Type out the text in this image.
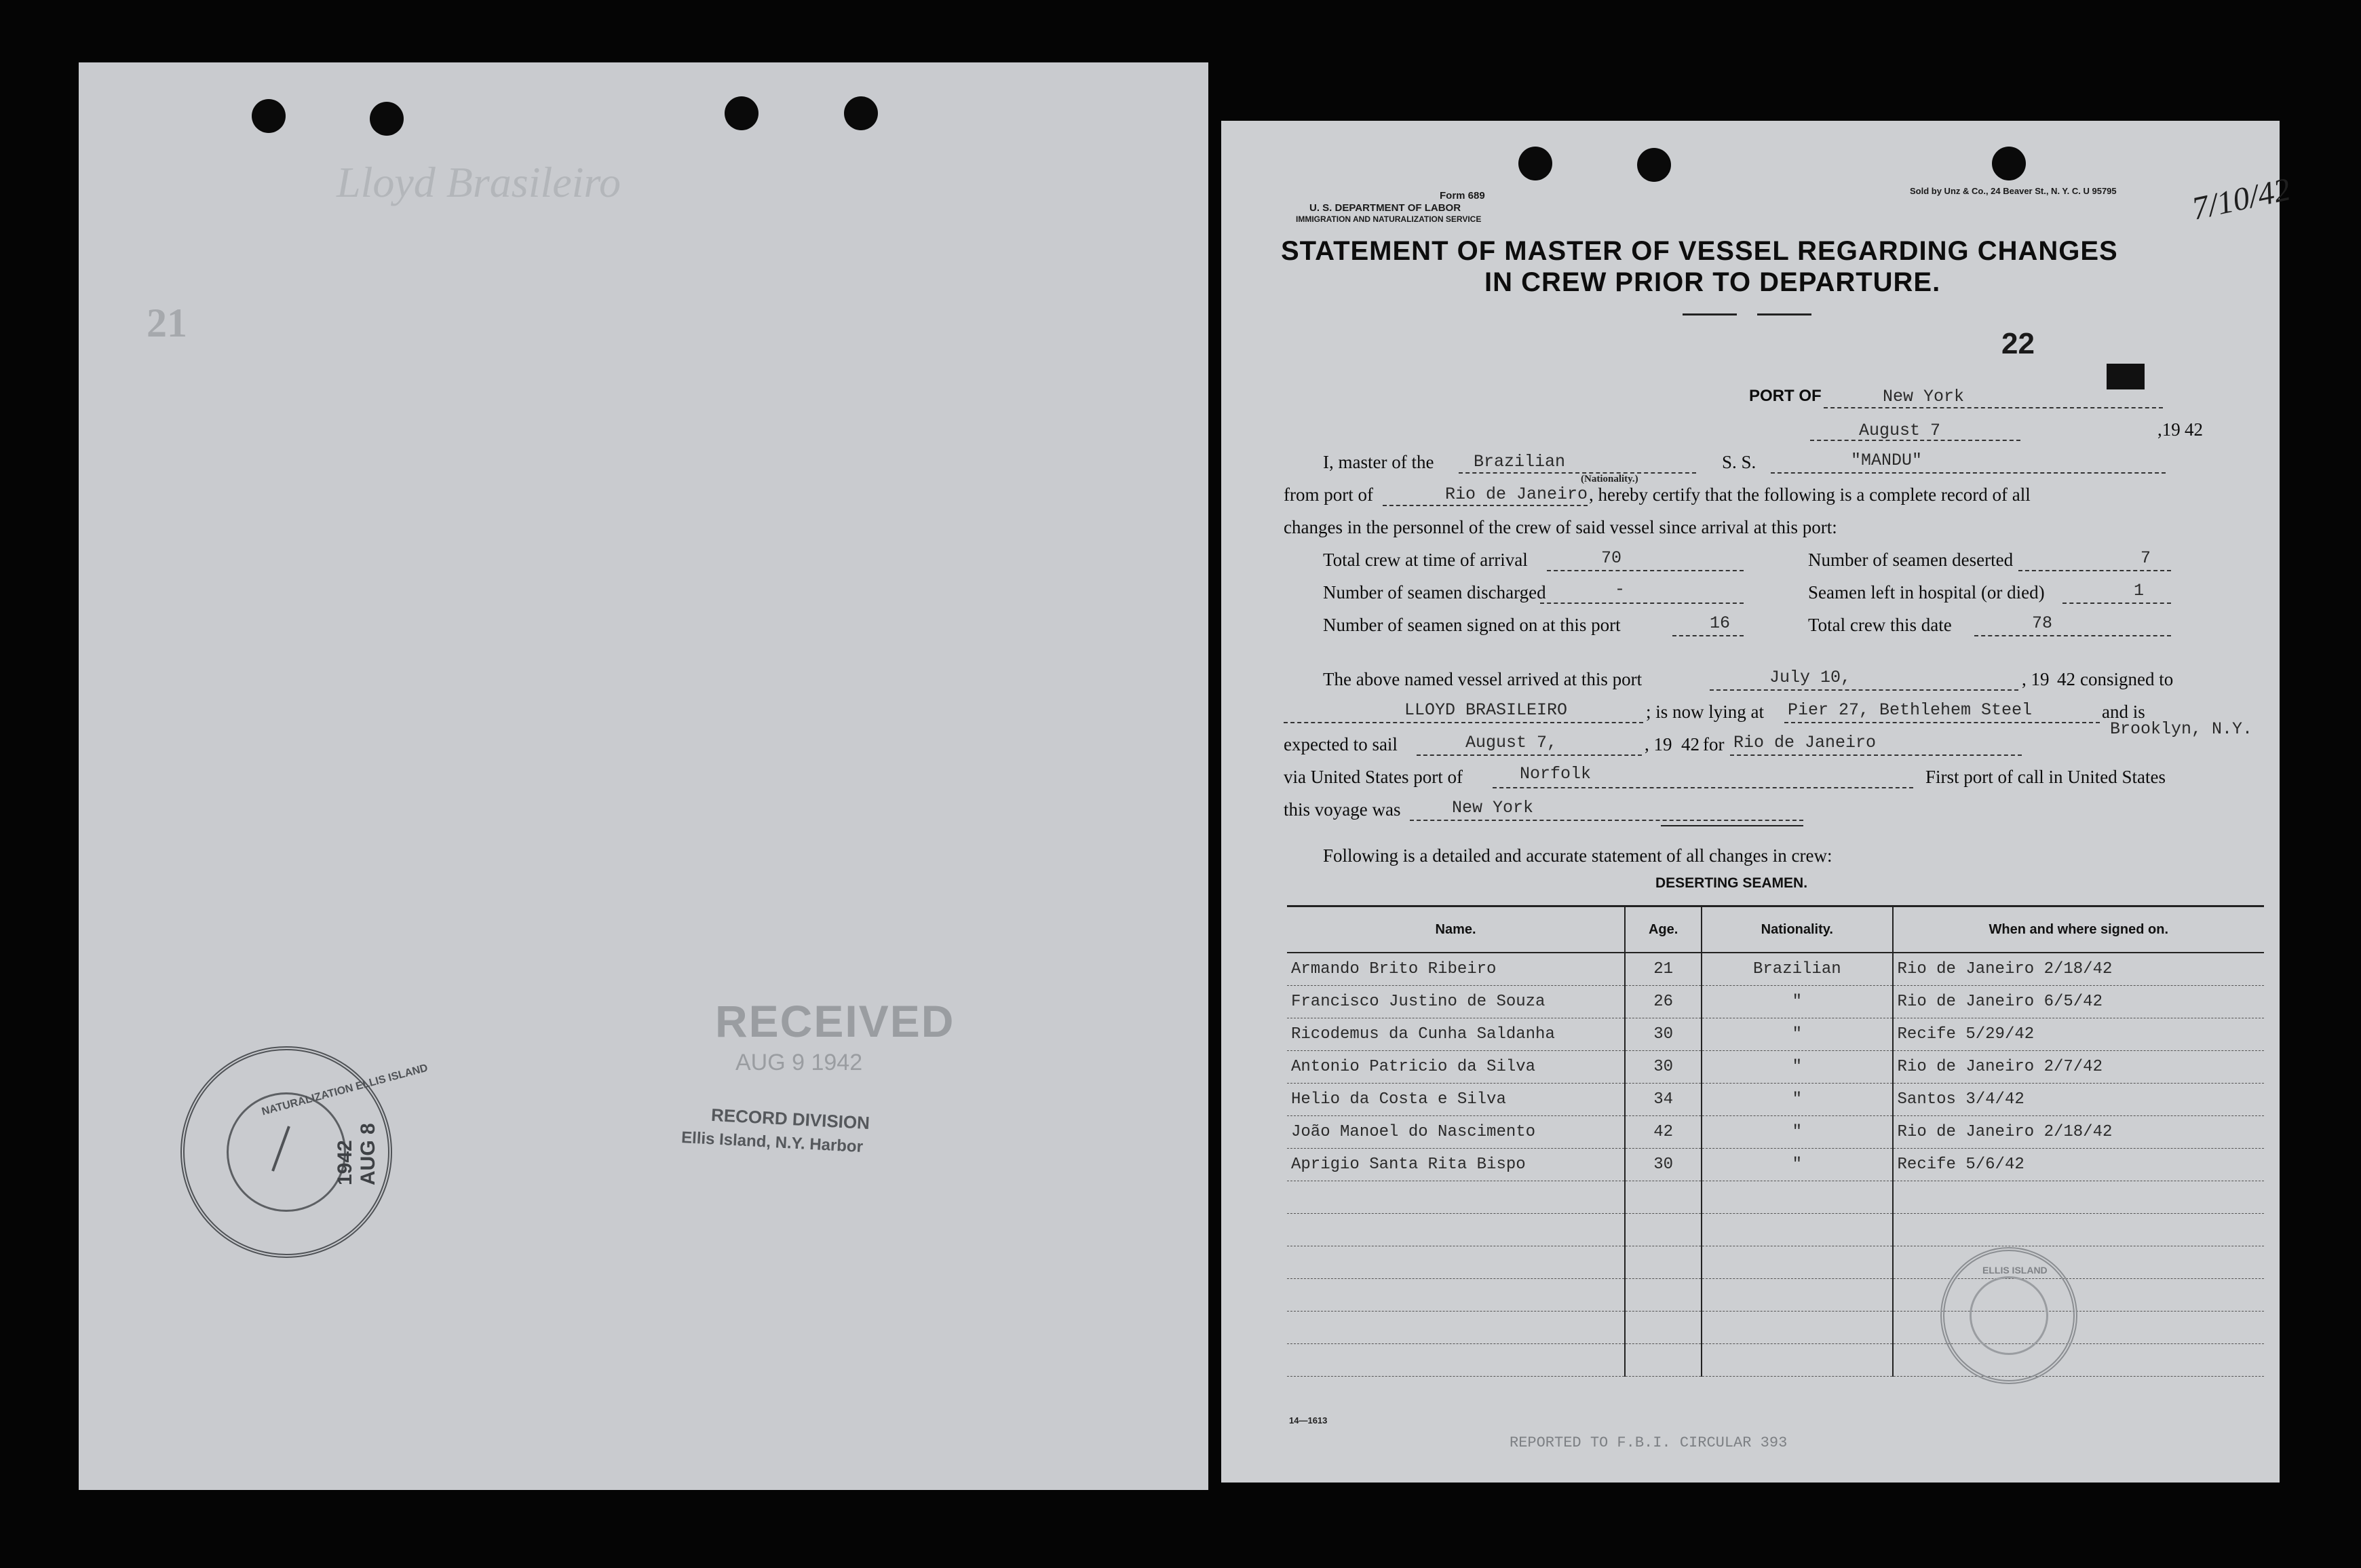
Lloyd Brasileiro
21
RECEIVED
AUG 9 1942
RECORD DIVISION
Ellis Island, N.Y. Harbor
NATURALIZATION ELLIS ISLAND
1942 AUG 8
Form 689
U. S. DEPARTMENT OF LABOR
IMMIGRATION AND NATURALIZATION SERVICE
Sold by Unz & Co., 24 Beaver St., N. Y. C. U 95795 7/10/42
STATEMENT OF MASTER OF VESSEL REGARDING CHANGES
IN CREW PRIOR TO DEPARTURE.
22
PORT OF	New York
August 7	,19 42
I, master of the Brazilian
(Nationality.)
S. S.	"MANDU"
from port of	Rio de Janeiro , hereby certify that the following is a complete record of all
changes in the personnel of the crew of said vessel since arrival at this port:
Total crew at time of arrival	70	Number of seamen deserted	7
Number of seamen discharged	-	Seamen left in hospital (or died)	1
Number of seamen signed on at this port	16	Total crew this date	78
The above named vessel arrived at this port	July 10,	, 19 42 consigned to
LLOYD BRASILEIRO	; is now lying at Pier 27, Bethlehem Steel	and is
Brooklyn, N.Y.
expected to sail	August 7,	, 19 42 for Rio de Janeiro
via United States port of	Norfolk	First port of call in United States
this voyage was	New York
Following is a detailed and accurate statement of all changes in crew:
DESERTING SEAMEN.
Name.	Age.	Nationality.	When and where signed on.
Armando Brito Ribeiro	21	Brazilian	Rio de Janeiro 2/18/42
Francisco Justino de Souza	26	"	Rio de Janeiro 6/5/42
Ricodemus da Cunha Saldanha	30	"	Recife 5/29/42
Antonio Patricio da Silva	30	"	Rio de Janeiro 2/7/42
Helio da Costa e Silva	34	"	Santos 3/4/42
João Manoel do Nascimento	42	"	Rio de Janeiro 2/18/42
Aprigio Santa Rita Bispo	30	"	Recife 5/6/42

14—1613
REPORTED TO F.B.I. CIRCULAR 393
ELLIS ISLAND
